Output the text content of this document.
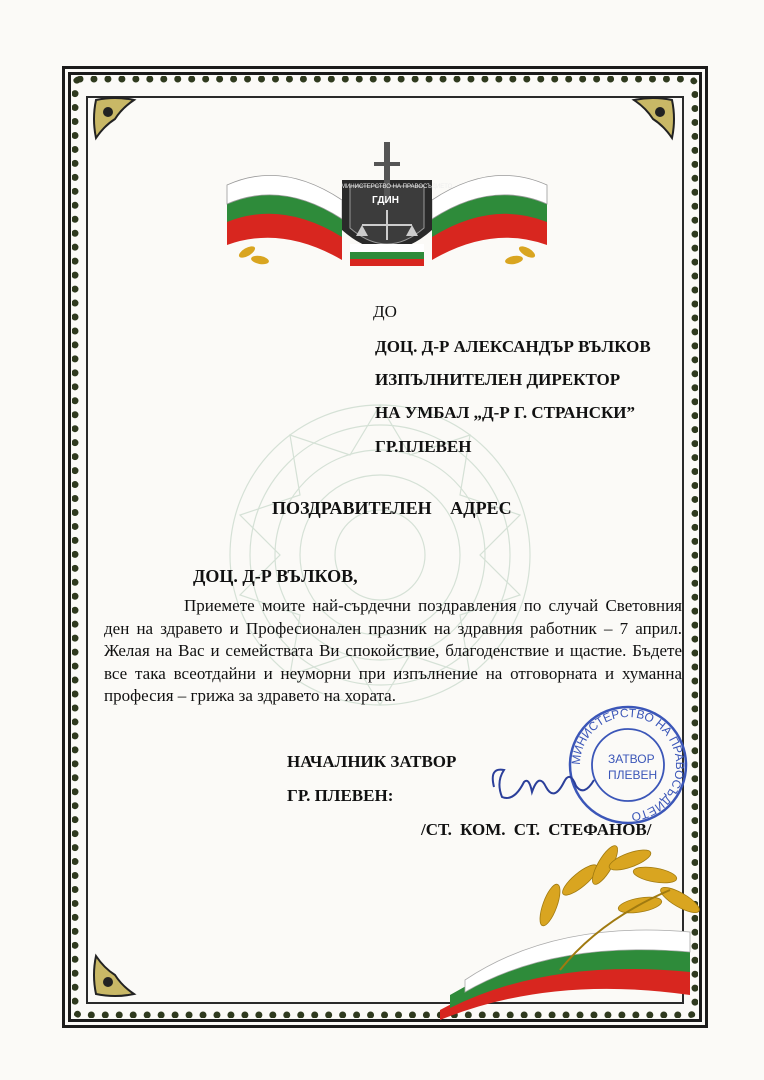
МИНИСТЕРСТВО НА ПРАВОСЪДИЕТО
ГДИН
ДО
ДОЦ. Д-Р АЛЕКСАНДЪР ВЪЛКОВ
ИЗПЪЛНИТЕЛЕН ДИРЕКТОР
НА УМБАЛ „Д-Р Г. СТРАНСКИ”
ГР.ПЛЕВЕН
ПОЗДРАВИТЕЛЕН АДРЕС
ДОЦ. Д-Р ВЪЛКОВ,

Приемете моите най-сърдечни поздравления по случай Световния ден на здравето и Професионален празник на здравния работник – 7 април. Желая на Вас и семействата Ви спокойствие, благоденствие и щастие. Бъдете все така всеотдайни и неуморни при изпълнение на отговорната и хуманна професия – грижа за здравето на хората.

МИНИСТЕРСТВО НА ПРАВОСЪДИЕТО
ЗАТВОР
ПЛЕВЕН
НАЧАЛНИК ЗАТВОР
ГР. ПЛЕВЕН:
/СТ. КОМ. СТ. СТЕФАНОВ/
